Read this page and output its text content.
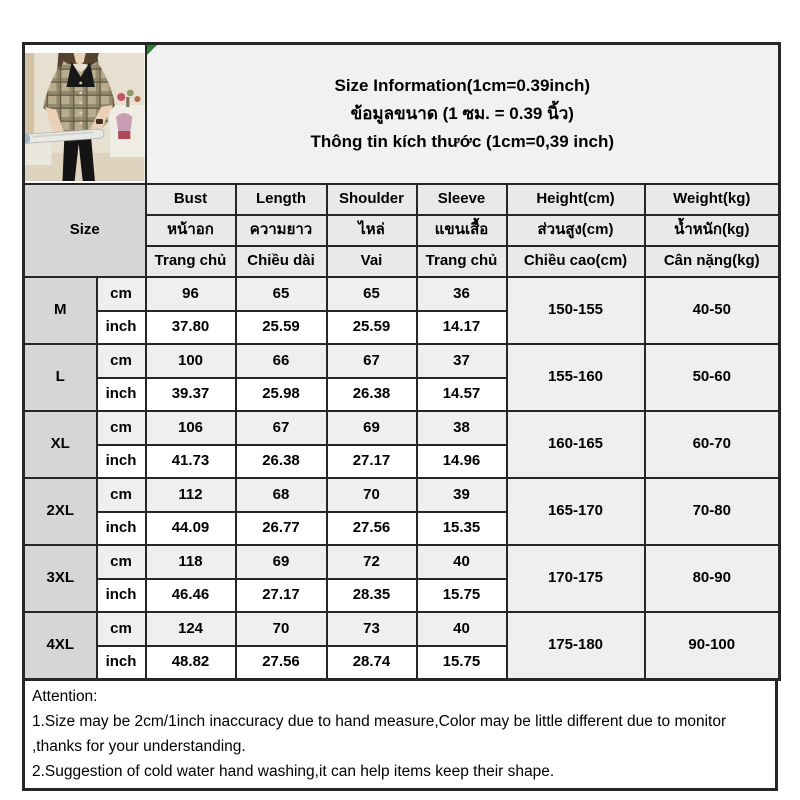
Size Information(1cm=0.39inch)
ข้อมูลขนาด (1 ซม. = 0.39 นิ้ว)
Thông tin kích thước (1cm=0,39 inch)					

Size		Bust	Length	Shoulder	Sleeve	Height(cm)	Weight(kg)
		หน้าอก	ความยาว	ไหล่	แขนเสื้อ	ส่วนสูง(cm)	น้ำหนัก(kg)
		Trang chủ	Chiều dài	Vai	Trang chủ	Chiều cao(cm)	Cân nặng(kg)
M	cm	96	65	65	36	150-155	40-50
	inch	37.80	25.59	25.59	14.17		
L	cm	100	66	67	37	155-160	50-60
	inch	39.37	25.98	26.38	14.57		
XL	cm	106	67	69	38	160-165	60-70
	inch	41.73	26.38	27.17	14.96		
2XL	cm	112	68	70	39	165-170	70-80
	inch	44.09	26.77	27.56	15.35		
3XL	cm	118	69	72	40	170-175	80-90
	inch	46.46	27.17	28.35	15.75		
4XL	cm	124	70	73	40	175-180	90-100
	inch	48.82	27.56	28.74	15.75		
Attention:
1.Size may be 2cm/1inch inaccuracy due to hand measure,Color may be little different due to monitor ,thanks for your understanding.
2.Suggestion of cold water hand washing,it can help items keep their shape.
